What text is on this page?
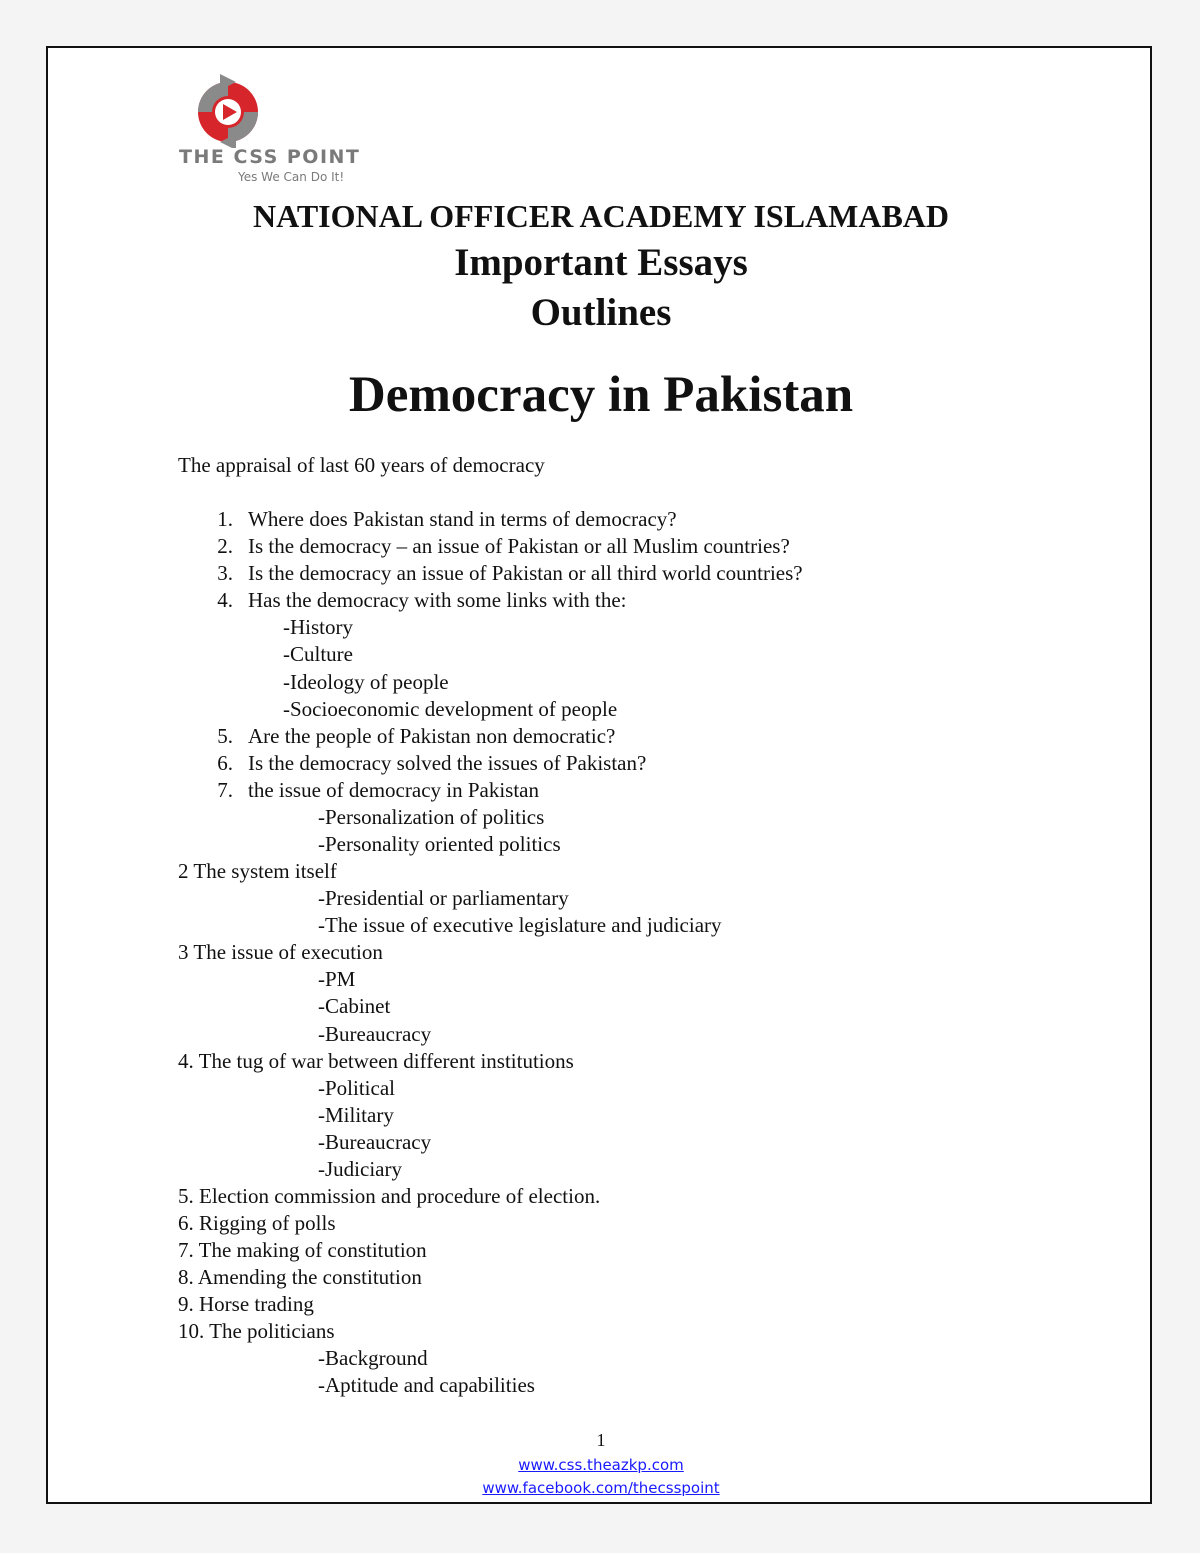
THE CSS POINT
Yes We Can Do It!
NATIONAL OFFICER ACADEMY ISLAMABAD
Important Essays
Outlines
Democracy in Pakistan
The appraisal of last 60 years of democracy
1. Where does Pakistan stand in terms of democracy?
2. Is the democracy – an issue of Pakistan or all Muslim countries?
3. Is the democracy an issue of Pakistan or all third world countries?
4. Has the democracy with some links with the:
-History
-Culture
-Ideology of people
-Socioeconomic development of people
5. Are the people of Pakistan non democratic?
6. Is the democracy solved the issues of Pakistan?
7. the issue of democracy in Pakistan
-Personalization of politics
-Personality oriented politics
2 The system itself
-Presidential or parliamentary
-The issue of executive legislature and judiciary
3 The issue of execution
-PM
-Cabinet
-Bureaucracy
4. The tug of war between different institutions
-Political
-Military
-Bureaucracy
-Judiciary
5. Election commission and procedure of election.
6. Rigging of polls
7. The making of constitution
8. Amending the constitution
9. Horse trading
10. The politicians
-Background
-Aptitude and capabilities
1
www.css.theazkp.com
www.facebook.com/thecsspoint
